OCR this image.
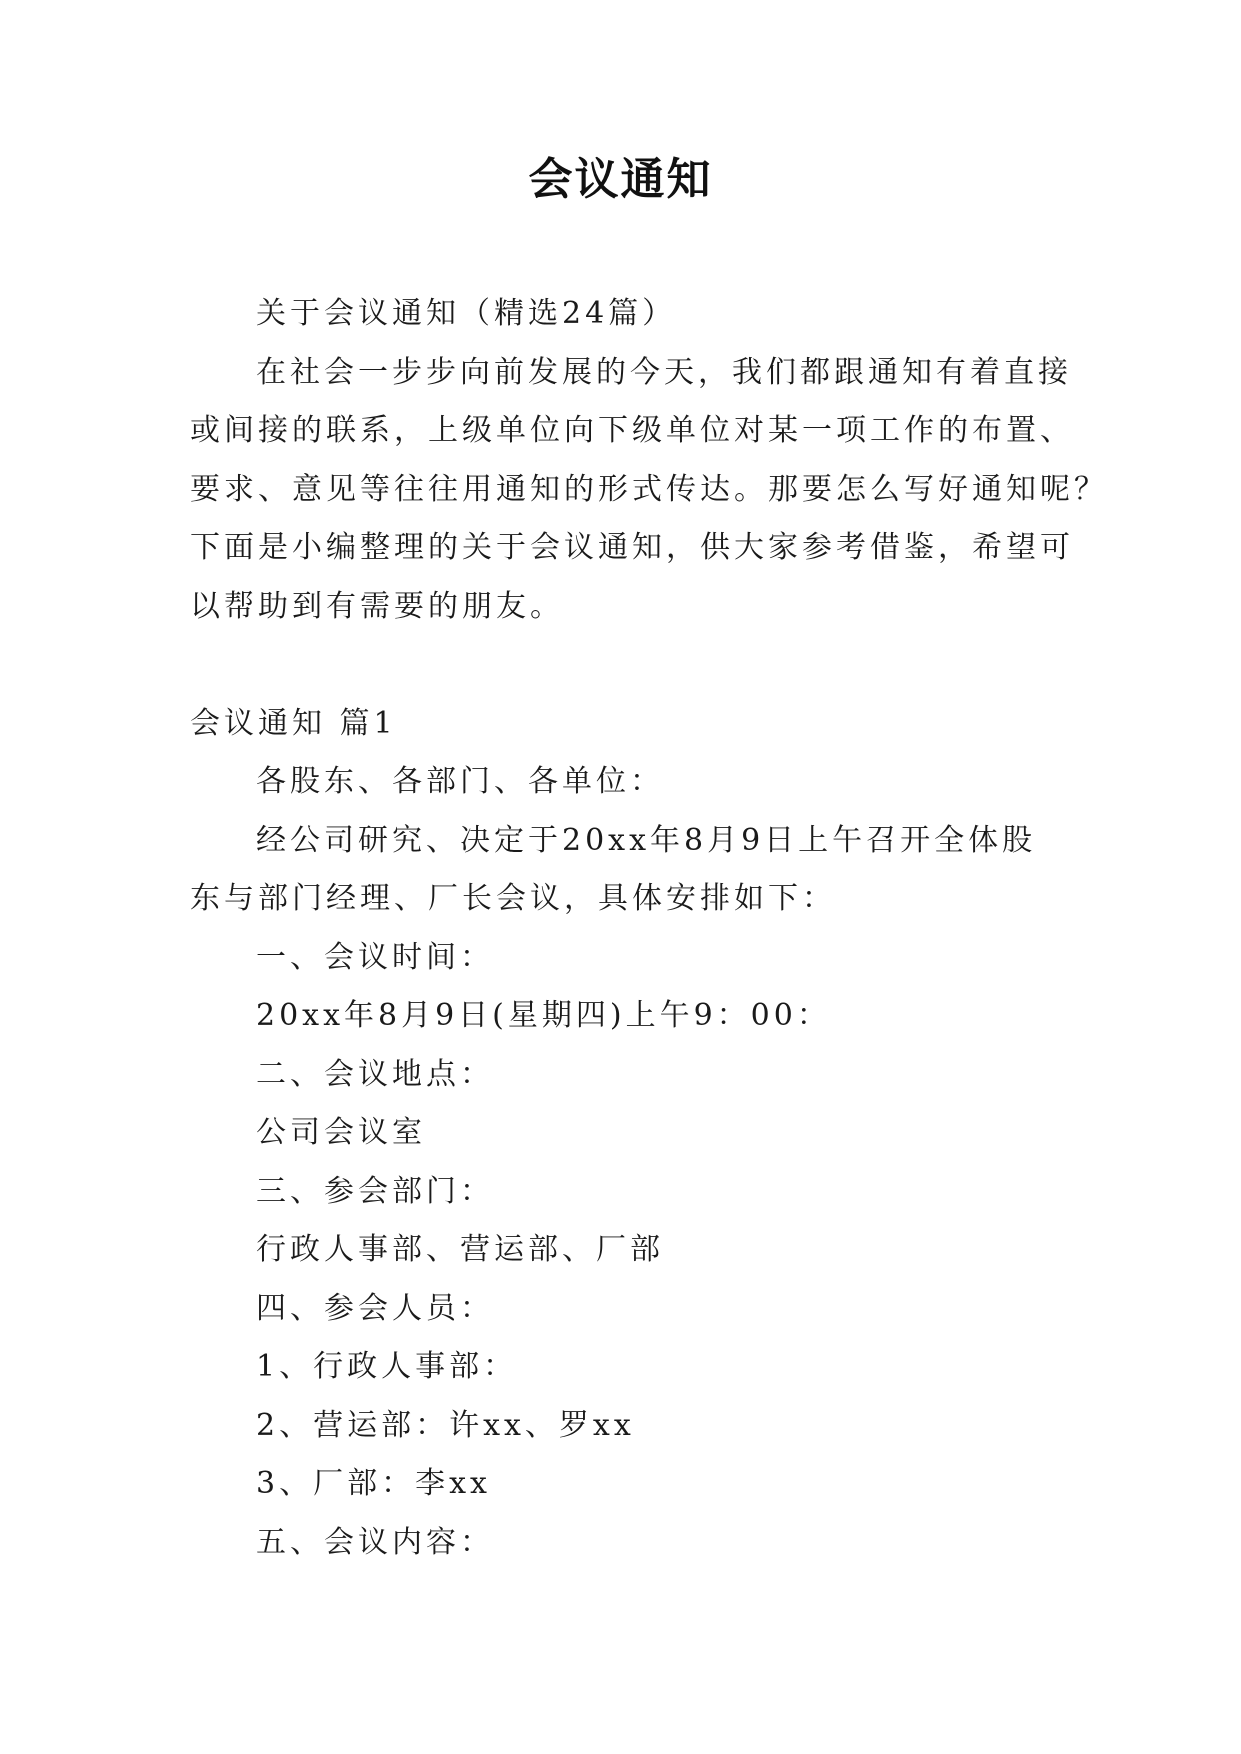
会议通知

关于会议通知（精选24篇）

在社会一步步向前发展的今天，我们都跟通知有着直接

或间接的联系，上级单位向下级单位对某一项工作的布置、

要求、意见等往往用通知的形式传达。那要怎么写好通知呢？

下面是小编整理的关于会议通知，供大家参考借鉴，希望可

以帮助到有需要的朋友。

会议通知 篇1

各股东、各部门、各单位：

经公司研究、决定于20xx年8月9日上午召开全体股

东与部门经理、厂长会议，具体安排如下：

一、会议时间：

20xx年8月9日(星期四)上午9：00：

二、会议地点：

公司会议室

三、参会部门：

行政人事部、营运部、厂部

四、参会人员：

1、行政人事部：

2、营运部：许xx、罗xx

3、厂部：李xx

五、会议内容：
